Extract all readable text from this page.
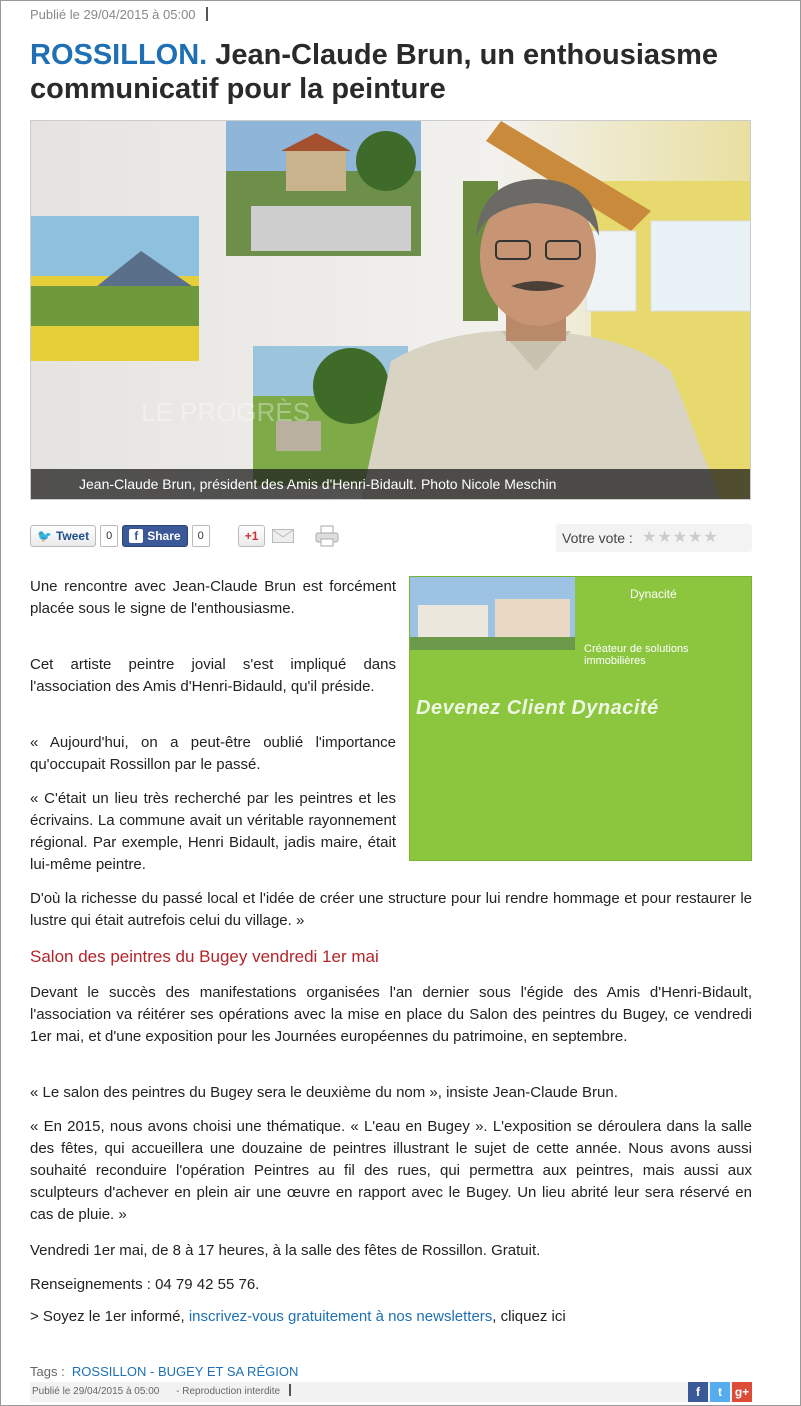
Publié le 29/04/2015 à 05:00
ROSSILLON. Jean-Claude Brun, un enthousiasme communicatif pour la peinture
LE PROGRÈS
Jean-Claude Brun, président des Amis d'Henri-Bidault. Photo Nicole Meschin
🐦 Tweet	0	f Share	0	+1	Votre vote : ★★★★★
Dynacité
Créateur de solutions immobilières
Devenez Client Dynacité

Une rencontre avec Jean-Claude Brun est forcément placée sous le signe de l'enthousiasme.

Cet artiste peintre jovial s'est impliqué dans l'association des Amis d'Henri-Bidauld, qu'il préside.

« Aujourd'hui, on a peut-être oublié l'importance qu'occupait Rossillon par le passé.

« C'était un lieu très recherché par les peintres et les écrivains. La commune avait un véritable rayonnement régional. Par exemple, Henri Bidault, jadis maire, était lui-même peintre.

D'où la richesse du passé local et l'idée de créer une structure pour lui rendre hommage et pour restaurer le lustre qui était autrefois celui du village. »

Salon des peintres du Bugey vendredi 1er mai

Devant le succès des manifestations organisées l'an dernier sous l'égide des Amis d'Henri-Bidault, l'association va réitérer ses opérations avec la mise en place du Salon des peintres du Bugey, ce vendredi 1er mai, et d'une exposition pour les Journées européennes du patrimoine, en septembre.

« Le salon des peintres du Bugey sera le deuxième du nom », insiste Jean-Claude Brun.

« En 2015, nous avons choisi une thématique. « L'eau en Bugey ». L'exposition se déroulera dans la salle des fêtes, qui accueillera une douzaine de peintres illustrant le sujet de cette année. Nous avons aussi souhaité reconduire l'opération Peintres au fil des rues, qui permettra aux peintres, mais aussi aux sculpteurs d'achever en plein air une œuvre en rapport avec le Bugey. Un lieu abrité leur sera réservé en cas de pluie. »

Vendredi 1er mai, de 8 à 17 heures, à la salle des fêtes de Rossillon. Gratuit.

Renseignements : 04 79 42 55 76.

> Soyez le 1er informé, inscrivez-vous gratuitement à nos newsletters, cliquez ici

Tags : ROSSILLON - BUGEY ET SA RÉGION
Publié le 29/04/2015 à 05:00 - Reproduction interdite	f	t	g+
